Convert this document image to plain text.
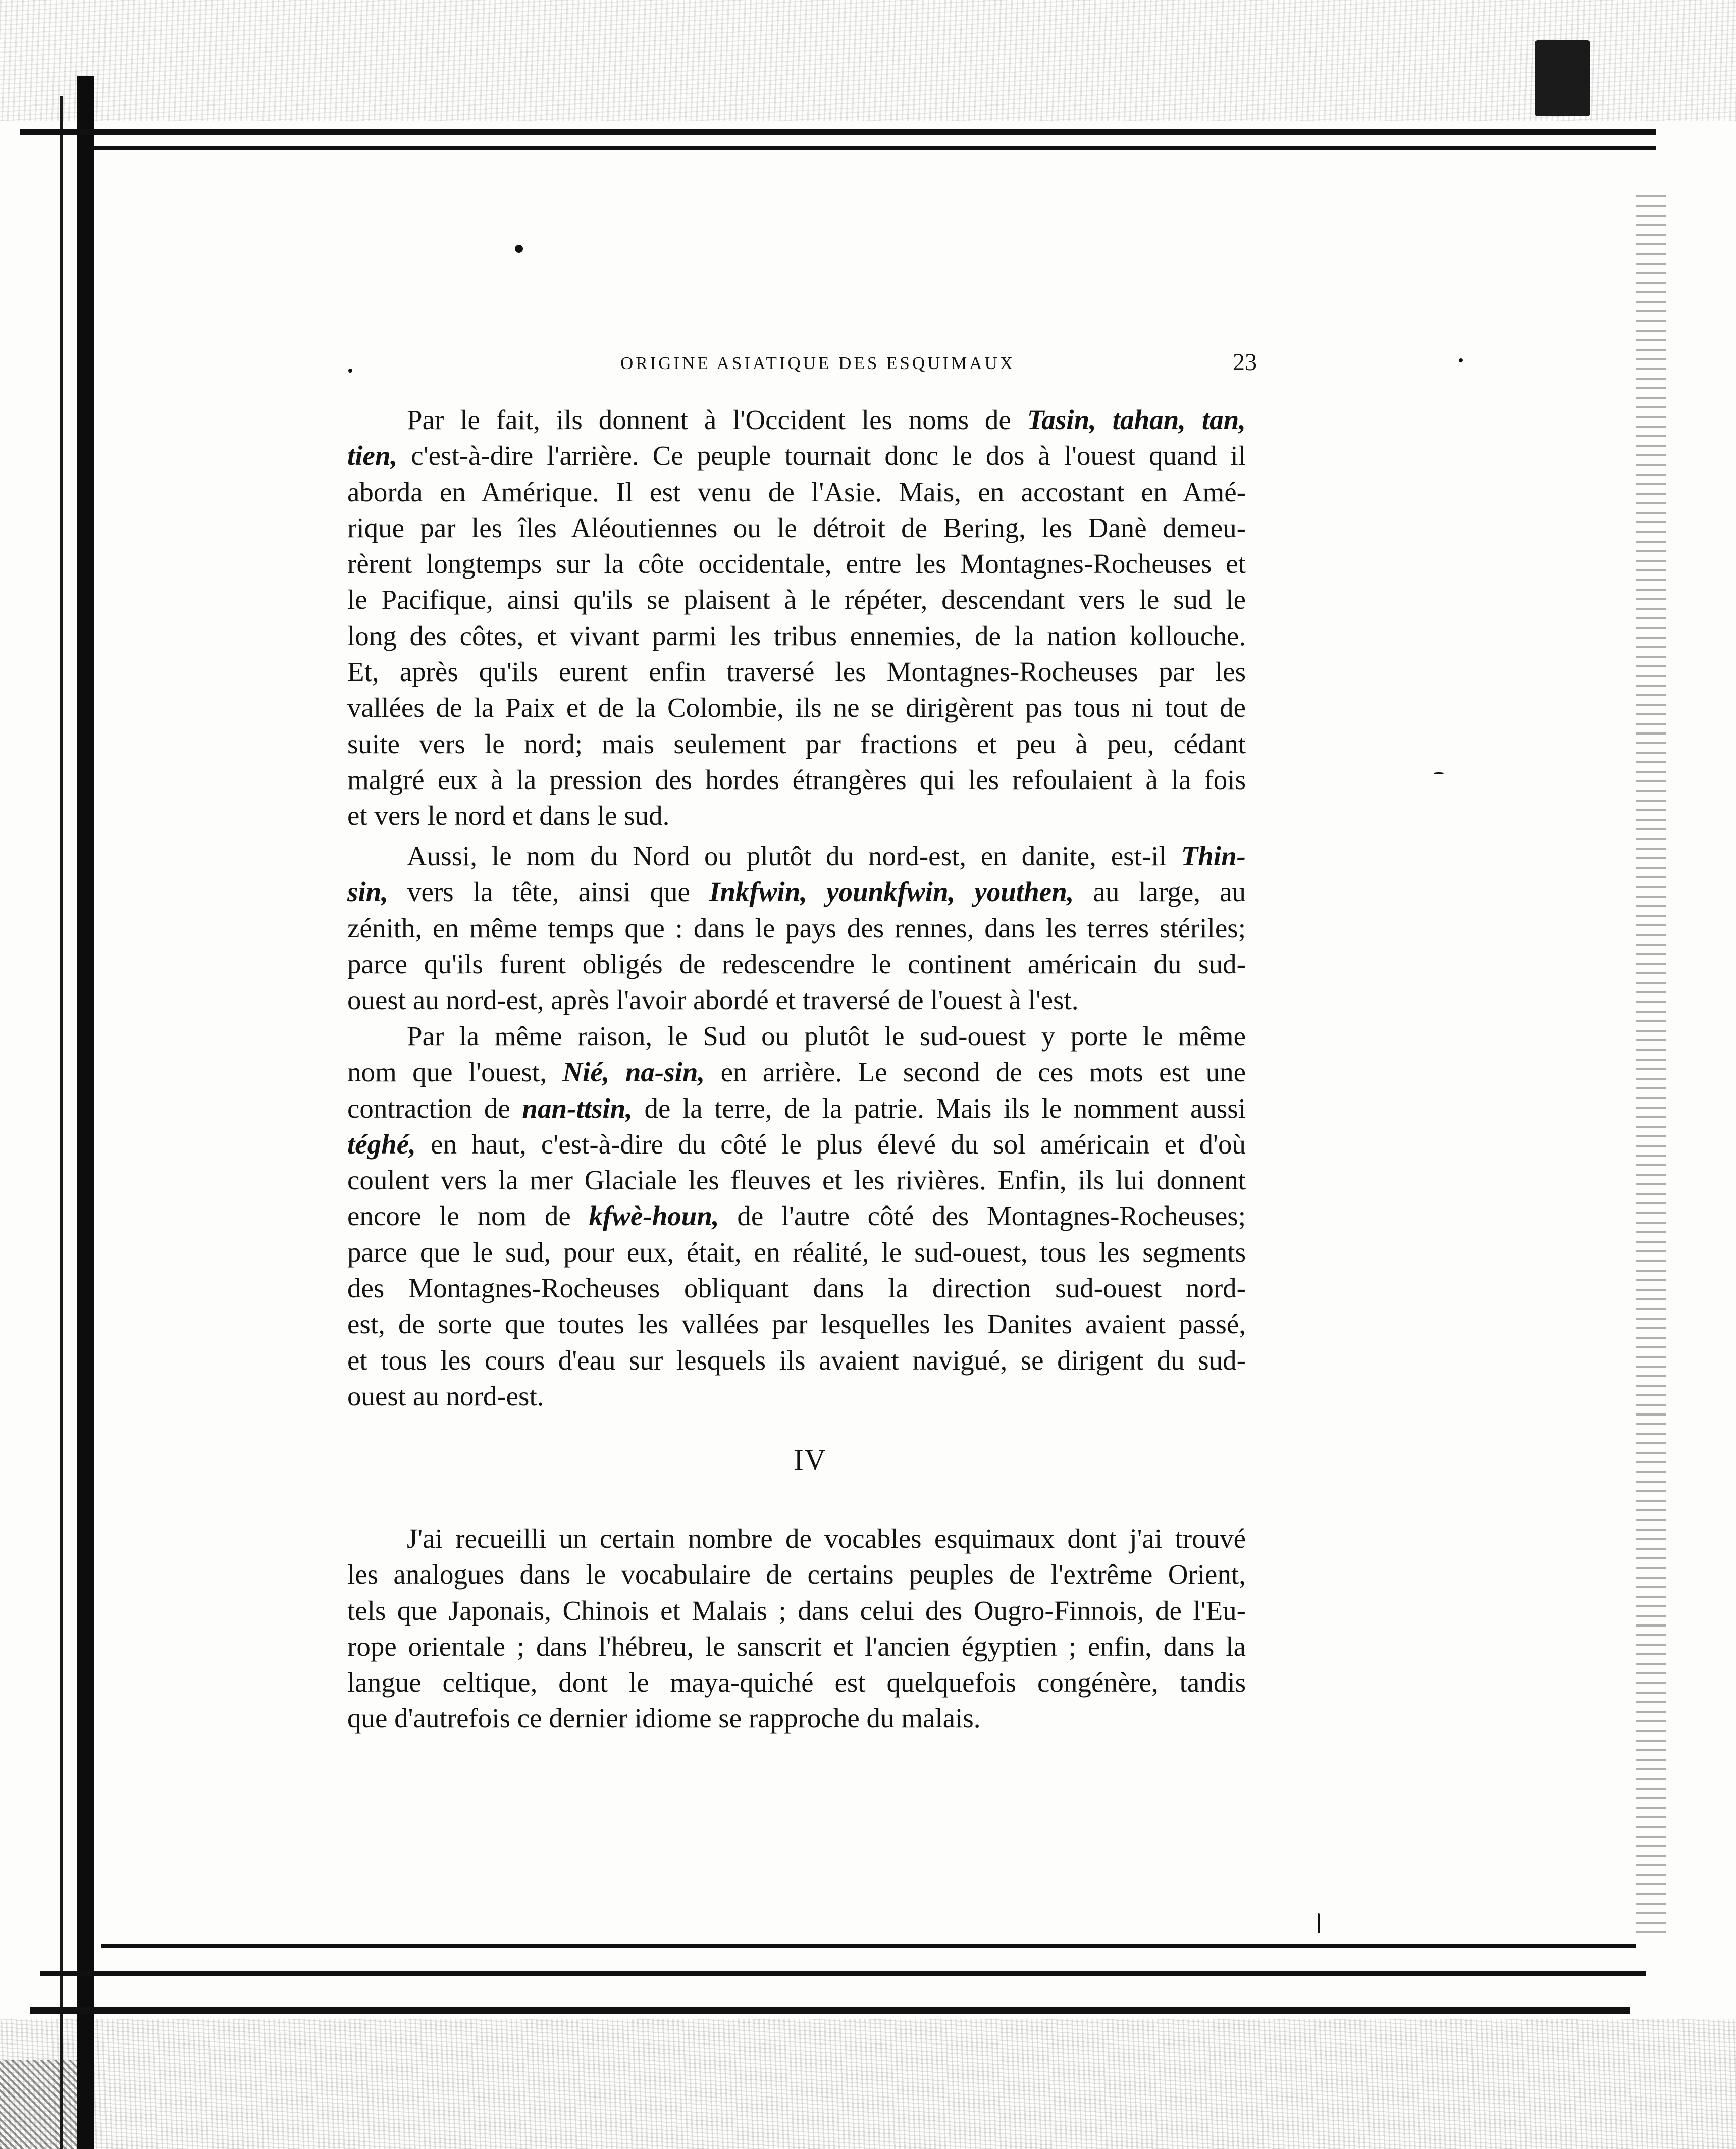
ORIGINE ASIATIQUE DES ESQUIMAUX	23
Par le fait, ils donnent à l'Occident les noms de Tasin, tahan, tan,
tien, c'est-à-dire l'arrière. Ce peuple tournait donc le dos à l'ouest quand il
aborda en Amérique. Il est venu de l'Asie. Mais, en accostant en Amé-
rique par les îles Aléoutiennes ou le détroit de Bering, les Danè demeu-
rèrent longtemps sur la côte occidentale, entre les Montagnes-Rocheuses et
le Pacifique, ainsi qu'ils se plaisent à le répéter, descendant vers le sud le
long des côtes, et vivant parmi les tribus ennemies, de la nation kollouche.
Et, après qu'ils eurent enfin traversé les Montagnes-Rocheuses par les
vallées de la Paix et de la Colombie, ils ne se dirigèrent pas tous ni tout de
suite vers le nord; mais seulement par fractions et peu à peu, cédant
malgré eux à la pression des hordes étrangères qui les refoulaient à la fois
et vers le nord et dans le sud.
Aussi, le nom du Nord ou plutôt du nord-est, en danite, est-il Thin-
sin, vers la tête, ainsi que Inkfwin, younkfwin, youthen, au large, au
zénith, en même temps que : dans le pays des rennes, dans les terres stériles;
parce qu'ils furent obligés de redescendre le continent américain du sud-
ouest au nord-est, après l'avoir abordé et traversé de l'ouest à l'est.
Par la même raison, le Sud ou plutôt le sud-ouest y porte le même
nom que l'ouest, Nié, na-sin, en arrière. Le second de ces mots est une
contraction de nan-ttsin, de la terre, de la patrie. Mais ils le nomment aussi
téghé, en haut, c'est-à-dire du côté le plus élevé du sol américain et d'où
coulent vers la mer Glaciale les fleuves et les rivières. Enfin, ils lui donnent
encore le nom de kfwè-houn, de l'autre côté des Montagnes-Rocheuses;
parce que le sud, pour eux, était, en réalité, le sud-ouest, tous les segments
des Montagnes-Rocheuses obliquant dans la direction sud-ouest nord-
est, de sorte que toutes les vallées par lesquelles les Danites avaient passé,
et tous les cours d'eau sur lesquels ils avaient navigué, se dirigent du sud-
ouest au nord-est.
IV
J'ai recueilli un certain nombre de vocables esquimaux dont j'ai trouvé
les analogues dans le vocabulaire de certains peuples de l'extrême Orient,
tels que Japonais, Chinois et Malais ; dans celui des Ougro-Finnois, de l'Eu-
rope orientale ; dans l'hébreu, le sanscrit et l'ancien égyptien ; enfin, dans la
langue celtique, dont le maya-quiché est quelquefois congénère, tandis
que d'autrefois ce dernier idiome se rapproche du malais.
